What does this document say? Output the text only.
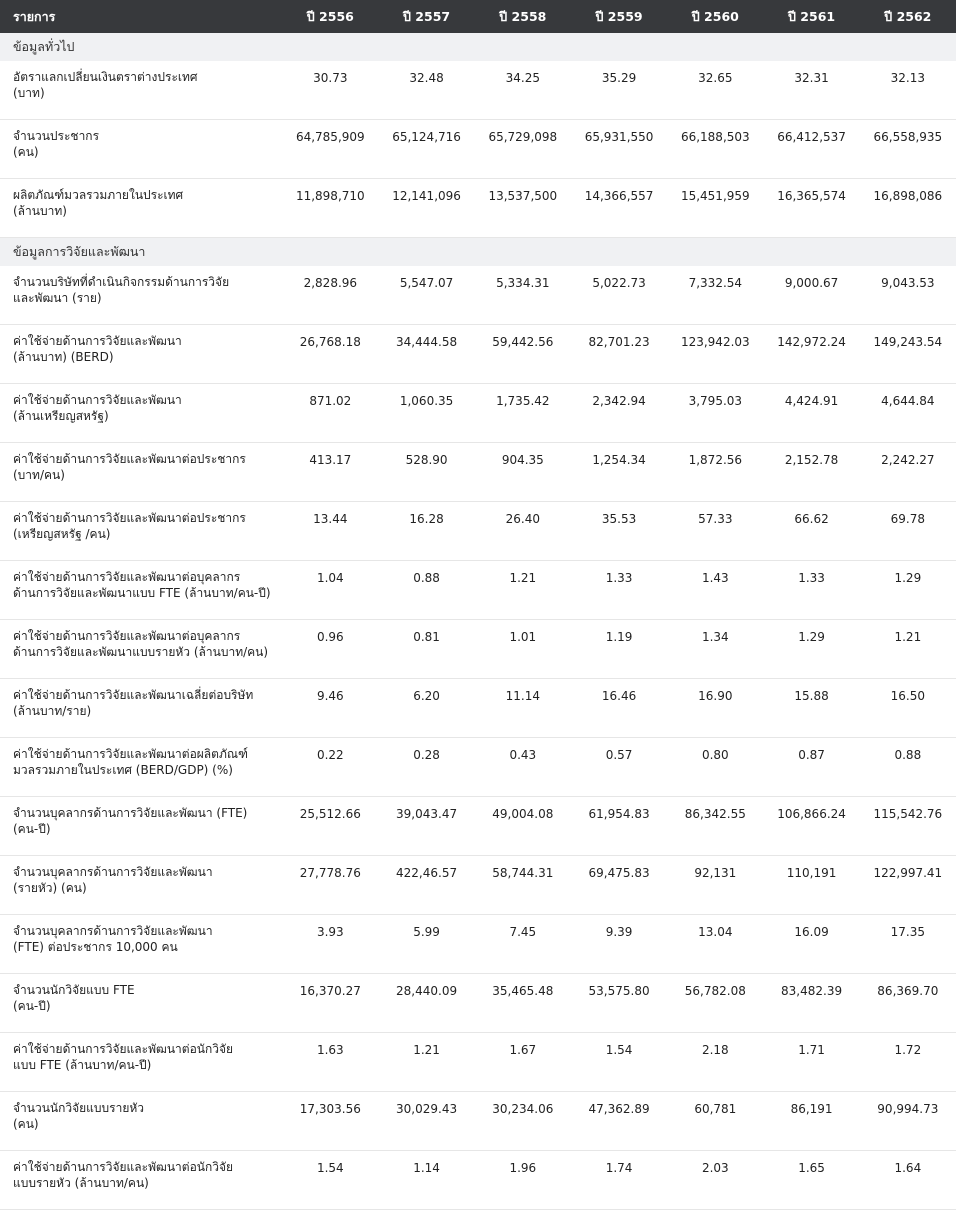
รายการ	ปี 2556	ปี 2557	ปี 2558	ปี 2559	ปี 2560	ปี 2561	ปี 2562
ข้อมูลทั่วไป							

อัตราแลกเปลี่ยนเงินตราต่างประเทศ
(บาท)	30.73	32.48	34.25	35.29	32.65	32.31	32.13

จำนวนประชากร
(คน)	64,785,909	65,124,716	65,729,098	65,931,550	66,188,503	66,412,537	66,558,935

ผลิตภัณฑ์มวลรวมภายในประเทศ
(ล้านบาท)	11,898,710	12,141,096	13,537,500	14,366,557	15,451,959	16,365,574	16,898,086
ข้อมูลการวิจัยและพัฒนา							

จำนวนบริษัทที่ดำเนินกิจกรรมด้านการวิจัย
และพัฒนา (ราย)	2,828.96	5,547.07	5,334.31	5,022.73	7,332.54	9,000.67	9,043.53

ค่าใช้จ่ายด้านการวิจัยและพัฒนา
(ล้านบาท) (BERD)	26,768.18	34,444.58	59,442.56	82,701.23	123,942.03	142,972.24	149,243.54

ค่าใช้จ่ายด้านการวิจัยและพัฒนา
(ล้านเหรียญสหรัฐ)	871.02	1,060.35	1,735.42	2,342.94	3,795.03	4,424.91	4,644.84

ค่าใช้จ่ายด้านการวิจัยและพัฒนาต่อประชากร
(บาท/คน)	413.17	528.90	904.35	1,254.34	1,872.56	2,152.78	2,242.27

ค่าใช้จ่ายด้านการวิจัยและพัฒนาต่อประชากร
(เหรียญสหรัฐ /คน)	13.44	16.28	26.40	35.53	57.33	66.62	69.78

ค่าใช้จ่ายด้านการวิจัยและพัฒนาต่อบุคลากร
ด้านการวิจัยและพัฒนาแบบ FTE (ล้านบาท/คน-ปี)	1.04	0.88	1.21	1.33	1.43	1.33	1.29

ค่าใช้จ่ายด้านการวิจัยและพัฒนาต่อบุคลากร
ด้านการวิจัยและพัฒนาแบบรายหัว (ล้านบาท/คน)	0.96	0.81	1.01	1.19	1.34	1.29	1.21

ค่าใช้จ่ายด้านการวิจัยและพัฒนาเฉลี่ยต่อบริษัท
(ล้านบาท/ราย)	9.46	6.20	11.14	16.46	16.90	15.88	16.50

ค่าใช้จ่ายด้านการวิจัยและพัฒนาต่อผลิตภัณฑ์
มวลรวมภายในประเทศ (BERD/GDP) (%)	0.22	0.28	0.43	0.57	0.80	0.87	0.88

จำนวนบุคลากรด้านการวิจัยและพัฒนา (FTE)
(คน-ปี)	25,512.66	39,043.47	49,004.08	61,954.83	86,342.55	106,866.24	115,542.76

จำนวนบุคลากรด้านการวิจัยและพัฒนา
(รายหัว) (คน)	27,778.76	422,46.57	58,744.31	69,475.83	92,131	110,191	122,997.41

จำนวนบุคลากรด้านการวิจัยและพัฒนา
(FTE) ต่อประชากร 10,000 คน	3.93	5.99	7.45	9.39	13.04	16.09	17.35

จำนวนนักวิจัยแบบ FTE
(คน-ปี)	16,370.27	28,440.09	35,465.48	53,575.80	56,782.08	83,482.39	86,369.70

ค่าใช้จ่ายด้านการวิจัยและพัฒนาต่อนักวิจัย
แบบ FTE (ล้านบาท/คน-ปี)	1.63	1.21	1.67	1.54	2.18	1.71	1.72

จำนวนนักวิจัยแบบรายหัว
(คน)	17,303.56	30,029.43	30,234.06	47,362.89	60,781	86,191	90,994.73

ค่าใช้จ่ายด้านการวิจัยและพัฒนาต่อนักวิจัย
แบบรายหัว (ล้านบาท/คน)	1.54	1.14	1.96	1.74	2.03	1.65	1.64
